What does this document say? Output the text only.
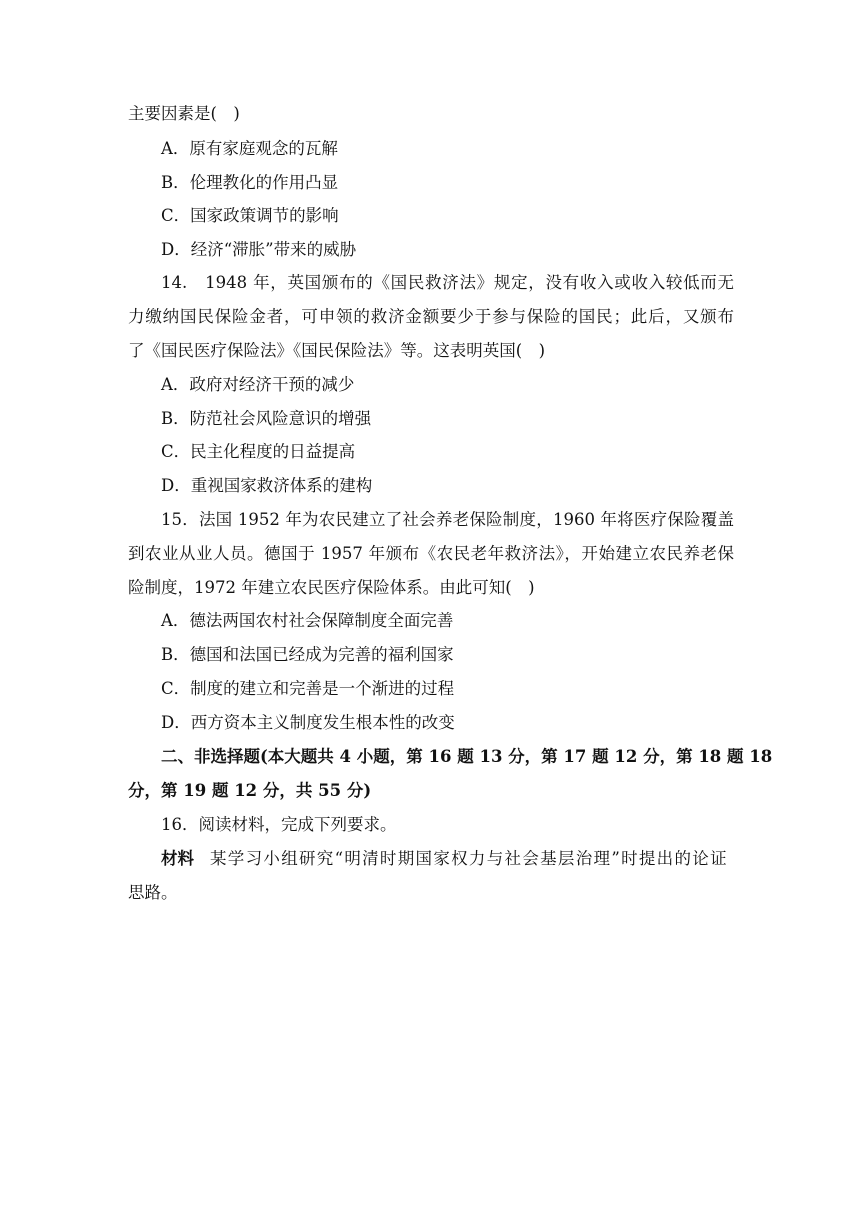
主要因素是(　)
A．原有家庭观念的瓦解
B．伦理教化的作用凸显
C．国家政策调节的影响
D．经济“滞胀”带来的威胁
14.　1948 年，英国颁布的《国民救济法》规定，没有收入或收入较低而无
力缴纳国民保险金者，可申领的救济金额要少于参与保险的国民；此后，又颁布
了《国民医疗保险法》《国民保险法》等。这表明英国(　)
A．政府对经济干预的减少
B．防范社会风险意识的增强
C．民主化程度的日益提高
D．重视国家救济体系的建构
15．法国 1952 年为农民建立了社会养老保险制度，1960 年将医疗保险覆盖
到农业从业人员。德国于 1957 年颁布《农民老年救济法》，开始建立农民养老保
险制度，1972 年建立农民医疗保险体系。由此可知(　)
A．德法两国农村社会保障制度全面完善
B．德国和法国已经成为完善的福利国家
C．制度的建立和完善是一个渐进的过程
D．西方资本主义制度发生根本性的改变
二、非选择题(本大题共 4 小题，第 16 题 13 分，第 17 题 12 分，第 18 题 18
分，第 19 题 12 分，共 55 分)
16．阅读材料，完成下列要求。
材料 某学习小组研究“明清时期国家权力与社会基层治理”时提出的论证
思路。
